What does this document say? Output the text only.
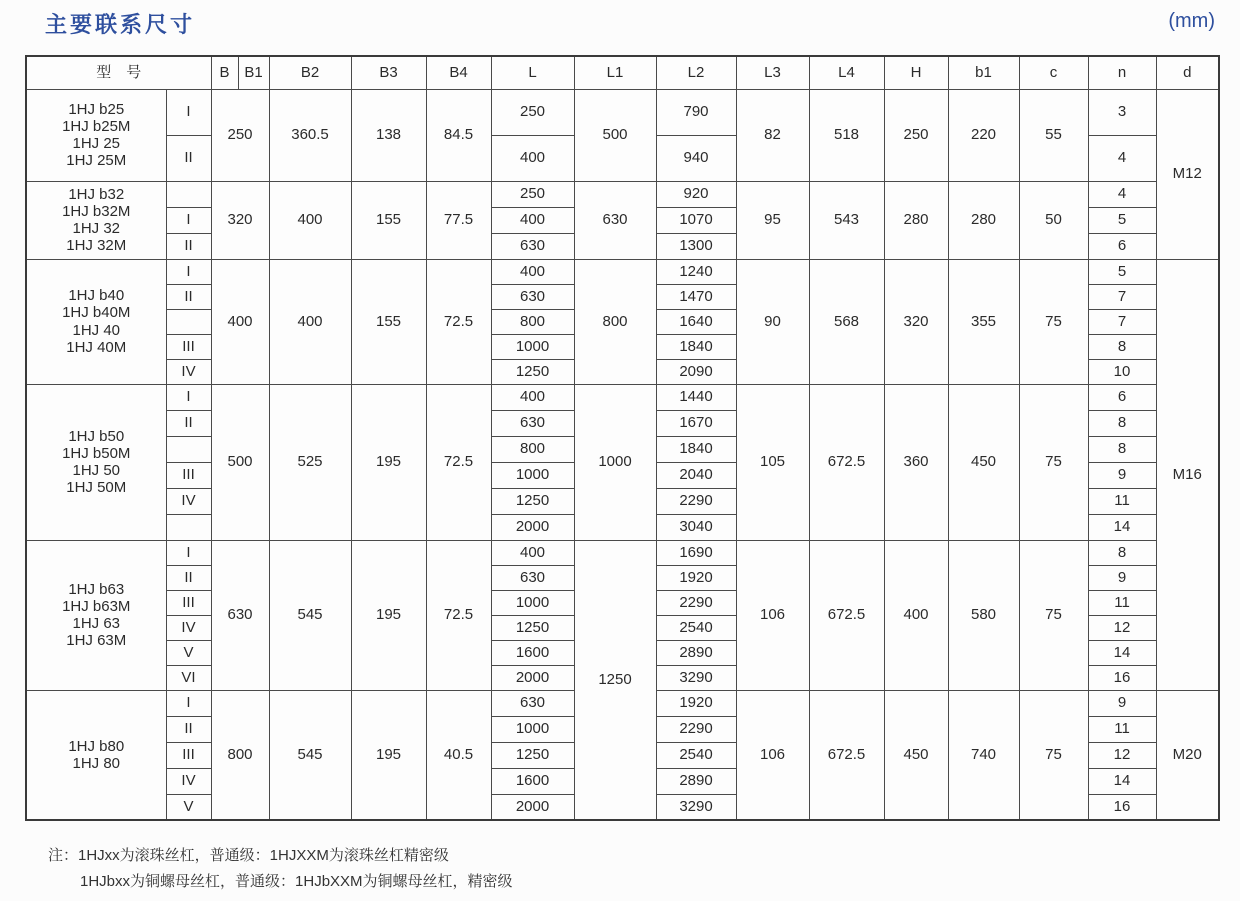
主要联系尺寸	(mm)
型　号		B	B1	B2	B3	B4	L	L1	L2	L3	L4	H	b1	c	n	d

1HJ b25
1HJ b25M
1HJ 25
1HJ 25M	I	250		360.5	138	84.5	250	500	790	82	518	250	220	55	3	M12
	II						400		940						4	

1HJ b32
1HJ b32M
1HJ 32
1HJ 32M		320		400	155	77.5	250	630	920	95	543	280	280	50	4	
	I						400		1070						5	
	II						630		1300						6	

1HJ b40
1HJ b40M
1HJ 40
1HJ 40M	I	400		400	155	72.5	400	800	1240	90	568	320	355	75	5	M16
	II						630		1470						7	
							800		1640						7	
	III						1000		1840						8	
	IV						1250		2090						10	

1HJ b50
1HJ b50M
1HJ 50
1HJ 50M	I	500		525	195	72.5	400	1000	1440	105	672.5	360	450	75	6	
	II						630		1670						8	
							800		1840						8	
	III						1000		2040						9	
	IV						1250		2290						11	
							2000		3040						14	

1HJ b63
1HJ b63M
1HJ 63
1HJ 63M	I	630		545	195	72.5	400	1250	1690	106	672.5	400	580	75	8	
	II						630		1920						9	
	III						1000		2290						11	
	IV						1250		2540						12	
	V						1600		2890						14	
	VI						2000		3290						16	

1HJ b80
1HJ 80	I	800		545	195	40.5	630		1920	106	672.5	450	740	75	9	M20
	II						1000		2290						11	
	III						1250		2540						12	
	IV						1600		2890						14	
	V						2000		3290						16	
注：1HJxx为滚珠丝杠，普通级：1HJXXM为滚珠丝杠精密级
1HJbxx为铜螺母丝杠，普通级：1HJbXXM为铜螺母丝杠，精密级
